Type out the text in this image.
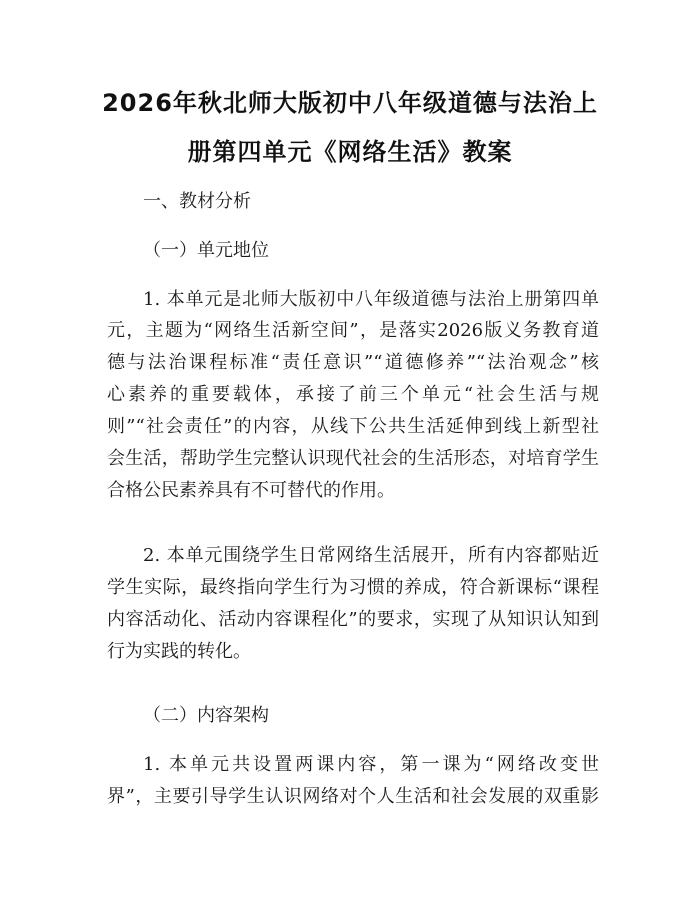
2026年秋北师大版初中八年级道德与法治上
册第四单元《网络生活》教案
一、教材分析
（一）单元地位
1. 本单元是北师大版初中八年级道德与法治上册第四单
元，主题为“网络生活新空间”，是落实2026版义务教育道
德与法治课程标准“责任意识”“道德修养”“法治观念”核
心素养的重要载体，承接了前三个单元“社会生活与规
则”“社会责任”的内容，从线下公共生活延伸到线上新型社
会生活，帮助学生完整认识现代社会的生活形态，对培育学生
合格公民素养具有不可替代的作用。
2. 本单元围绕学生日常网络生活展开，所有内容都贴近
学生实际，最终指向学生行为习惯的养成，符合新课标“课程
内容活动化、活动内容课程化”的要求，实现了从知识认知到
行为实践的转化。
（二）内容架构
1. 本单元共设置两课内容，第一课为“网络改变世
界”，主要引导学生认识网络对个人生活和社会发展的双重影
